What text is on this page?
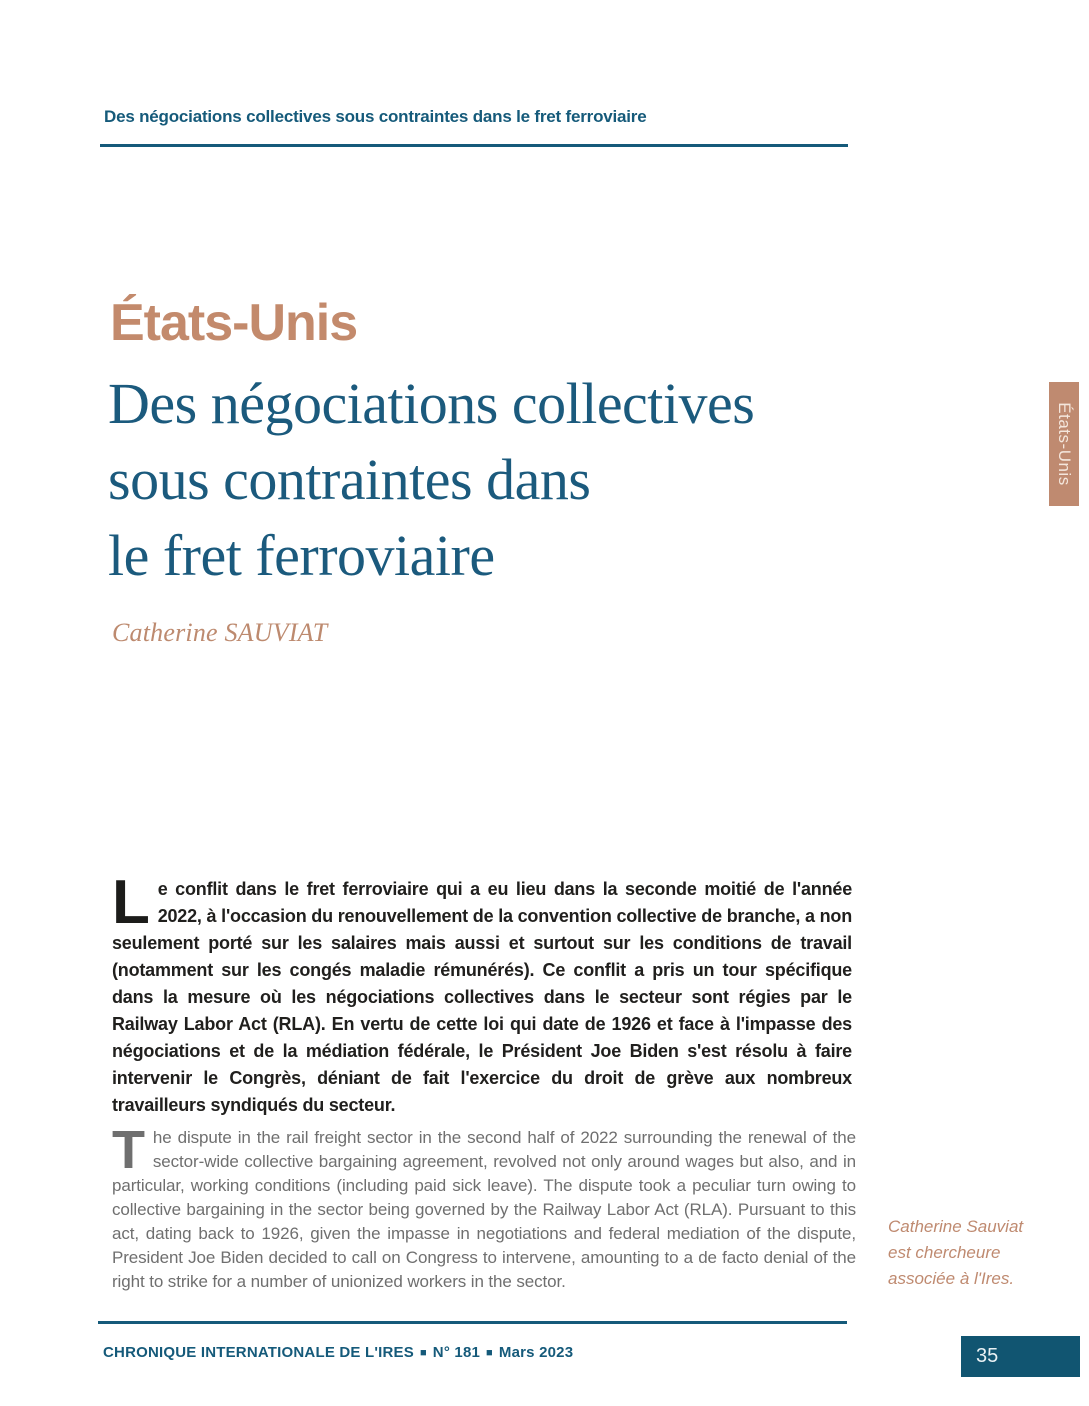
Des négociations collectives sous contraintes dans le fret ferroviaire
États-Unis
Des négociations collectives
sous contraintes dans
le fret ferroviaire
Catherine SAUVIAT
États-Unis
Le conflit dans le fret ferroviaire qui a eu lieu dans la seconde moitié de l'année 2022, à l'occasion du renouvellement de la convention collective de branche, a non seulement porté sur les salaires mais aussi et surtout sur les conditions de travail (notamment sur les congés maladie rémunérés). Ce conflit a pris un tour spécifique dans la mesure où les négociations collectives dans le secteur sont régies par le Railway Labor Act (RLA). En vertu de cette loi qui date de 1926 et face à l'impasse des négociations et de la médiation fédérale, le Président Joe Biden s'est résolu à faire intervenir le Congrès, déniant de fait l'exercice du droit de grève aux nombreux travailleurs syndiqués du secteur.
The dispute in the rail freight sector in the second half of 2022 surrounding the renewal of the sector-wide collective bargaining agreement, revolved not only around wages but also, and in particular, working conditions (including paid sick leave). The dispute took a peculiar turn owing to collective bargaining in the sector being governed by the Railway Labor Act (RLA). Pursuant to this act, dating back to 1926, given the impasse in negotiations and federal mediation of the dispute, President Joe Biden decided to call on Congress to intervene, amounting to a de facto denial of the right to strike for a number of unionized workers in the sector.
Catherine Sauviat est chercheure associée à l'Ires.
CHRONIQUE INTERNATIONALE DE L'IRES ■ N° 181 ■ Mars 2023	35
